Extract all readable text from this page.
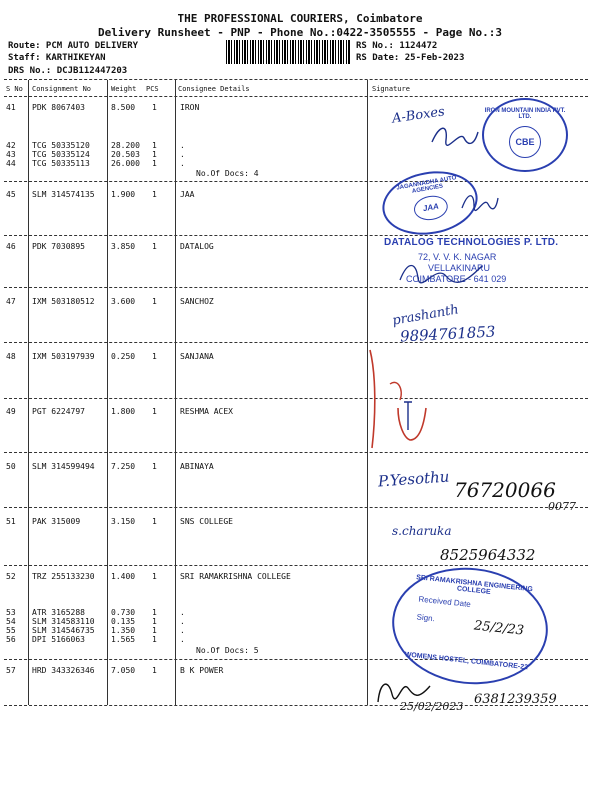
THE PROFESSIONAL COURIERS, Coimbatore
Delivery Runsheet - PNP - Phone No.:0422-3505555 - Page No.:3
Route: PCM AUTO DELIVERY
Staff: KARTHIKEYAN
DRS No.: DCJB112447203
RS No.: 1124472
RS Date: 25-Feb-2023
S No Consignment No	Weight PCS	Consignee Details	Signature
41 PDK 8067403	8.500 1	IRON
42 TCG 50335120	28.200 1	.
43 TCG 50335124	20.503 1	.
44 TCG 50335113	26.000 1	.
No.Of Docs: 4
45 SLM 314574135 1.900 1	JAA
46 PDK 7030895	3.850 1	DATALOG
47 IXM 503180512 3.600 1	SANCHOZ
48 IXM 503197939 0.250 1	SANJANA
49 PGT 6224797	1.800 1	RESHMA ACEX
50 SLM 314599494 7.250 1	ABINAYA
51 PAK 315009	3.150 1	SNS COLLEGE
52 TRZ 255133230 1.400 1	SRI RAMAKRISHNA COLLEGE
53 ATR 3165288	0.730 1	.
54 SLM 314583110 0.135 1	.
55 SLM 314546735 1.350 1	.
56 DPI 5166063	1.565 1	.
No.Of Docs: 5
57 HRD 343326346 7.050 1	B K POWER
A-Boxes	IRON MOUNTAIN INDIA PVT. LTD.
CBE
JAGANNADHA AUTO AGENCIES
JAA
DATALOG TECHNOLOGIES P. LTD.
72, V. V. K. NAGAR
VELLAKINARU
COIMBATORE - 641 029
prashanth
9894761853
P.Yesothu 76720066
0077
s.charuka
8525964332
SRI RAMAKRISHNA ENGINEERING COLLEGE
Received Date
Sign.
25/2/23
WOMENS HOSTEL, COIMBATORE-22
25/02/2023 6381239359
